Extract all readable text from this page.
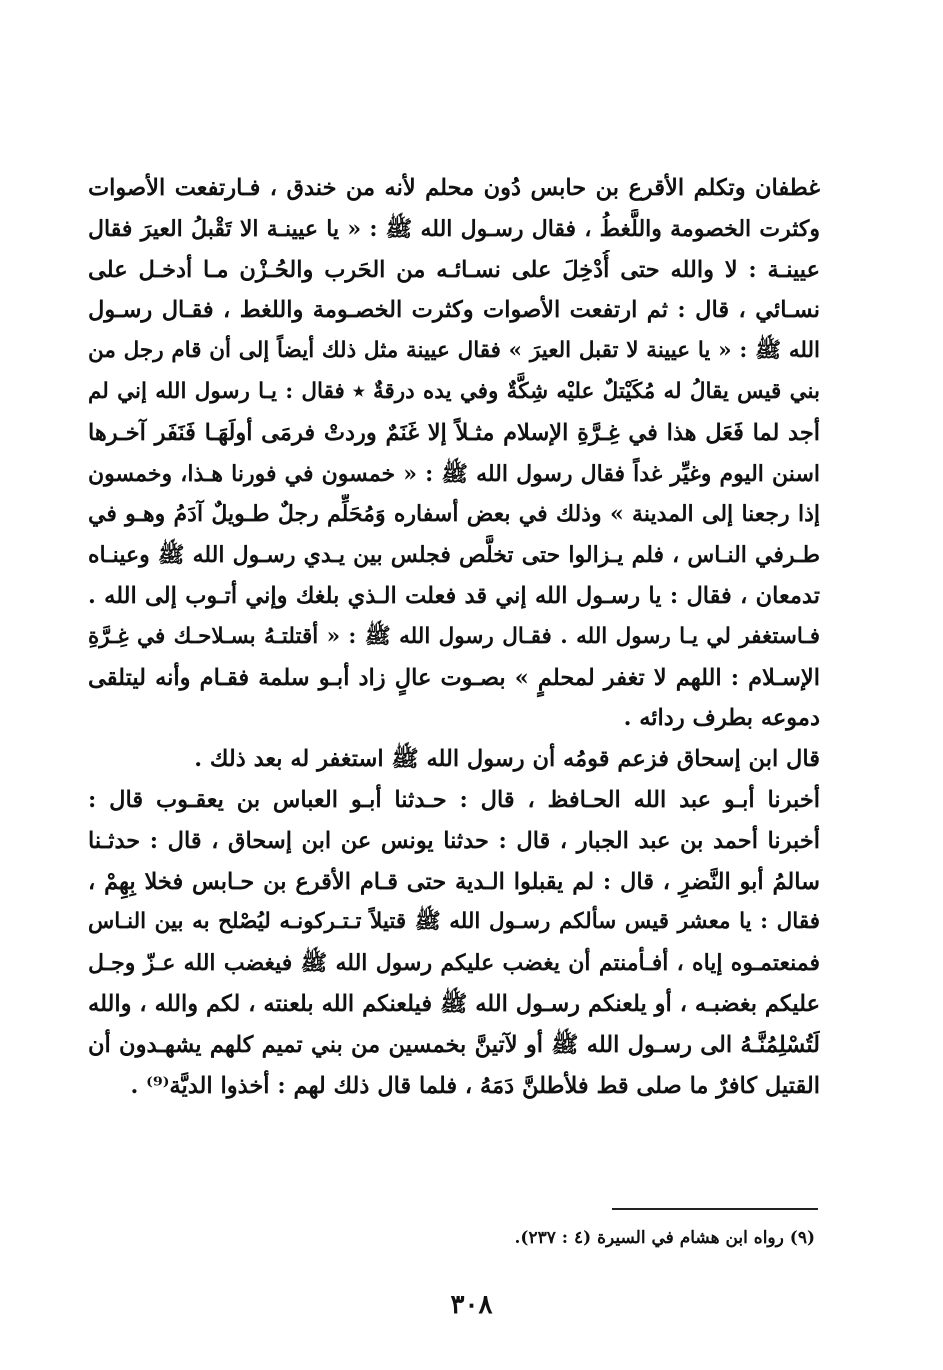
غطفان وتكلم الأقرع بن حابس دُون محلم لأنه من خندق ، فـارتفعت الأصوات
وكثرت الخصومة واللَّغطُ ، فقال رسـول الله ﷺ : « يا عيينـة الا تَقْبلُ العيرَ فقال
عيينـة : لا والله حتى أُدْخِلَ على نسـائـه من الحَرب والحُـزْن مـا أدخـل على
نسـائي ، قال : ثم ارتفعت الأصوات وكثرت الخصـومة واللغط ، فقـال رسـول
الله ﷺ : « يا عيينة لا تقبل العيرَ » فقال عيينة مثل ذلك أيضاً إلى أن قام رجل من
بني قيس يقالُ له مُكَيْتلٌ عليْه شِكَّةٌ وفي يده درقةٌ ٭ فقال : يـا رسول الله إني لم
أجد لما فَعَل هذا في غِـرَّةِ الإسلام مثـلاً إلا غَنَمٌ وردتْ فرمَى أولَهَـا فَنَفَر آخـرها
اسنن اليوم وغيِّر غداً فقال رسول الله ﷺ : « خمسون في فورنا هـذا، وخمسون
إذا رجعنا إلى المدينة » وذلك في بعض أسفاره وَمُحَلِّم رجلٌ طـويلٌ آدَمُ وهـو في
طـرفي النـاس ، فلم يـزالوا حتى تخلَّص فجلس بين يـدي رسـول الله ﷺ وعينـاه
تدمعان ، فقال : يا رسـول الله إني قد فعلت الـذي بلغك وإني أتـوب إلى الله .
فـاستغفر لي يـا رسول الله . فقـال رسول الله ﷺ : « أقتلتـهُ بسـلاحـك في غِـرَّةِ
الإسـلام : اللهم لا تغفر لمحلمٍ » بصـوت عالٍ زاد أبـو سلمة فقـام وأنه ليتلقى
دموعه بطرف ردائه .
قال ابن إسحاق فزعم قومُه أن رسول الله ﷺ استغفر له بعد ذلك .
أخبرنا أبـو عبد الله الحـافظ ، قال : حـدثنا أبـو العباس بن يعقـوب قال :
أخبرنا أحمد بن عبد الجبار ، قال : حدثنا يونس عن ابن إسحاق ، قال : حدثـنا
سالمُ أبو النَّضرِ ، قال : لم يقبلوا الـدية حتى قـام الأقرع بن حـابس فخلا بِهِمْ ،
فقال : يا معشر قيس سألكم رسـول الله ﷺ قتيلاً تـتـركونـه ليُصْلح به بين النـاس
فمنعتمـوه إياه ، أفـأمنتم أن يغضب عليكم رسول الله ﷺ فيغضب الله عـزّ وجـل
عليكم بغضبـه ، أو يلعنكم رسـول الله ﷺ فيلعنكم الله بلعنته ، لكم والله ، والله
لَتُسْلِمُنَّـهُ الى رسـول الله ﷺ أو لآتينَّ بخمسين من بني تميم كلهم يشهـدون أن
القتيل كافرٌ ما صلى قط فلأطلنَّ دَمَهُ ، فلما قال ذلك لهم : أخذوا الديَّة⁽⁹⁾ .
(٩) رواه ابن هشام في السيرة (٤ : ٢٣٧).
٣٠٨
